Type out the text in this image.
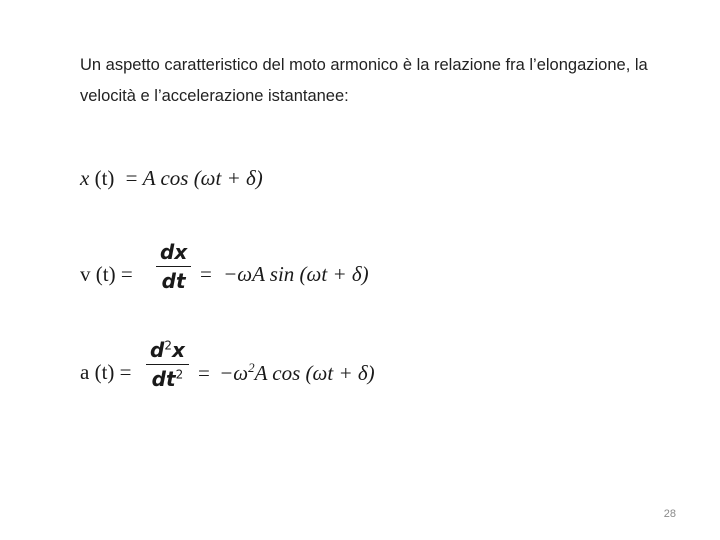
Un aspetto caratteristico del moto armonico è la relazione fra l’elongazione, la
velocità e l’accelerazione istantanee:
x (t) = A cos (ωt + δ)
v (t) =
dx
dt = −ωA sin (ωt + δ)
a (t) =
$d^2x$
$dt^2 = -\omega^2A$ cos (ωt + δ)
28
